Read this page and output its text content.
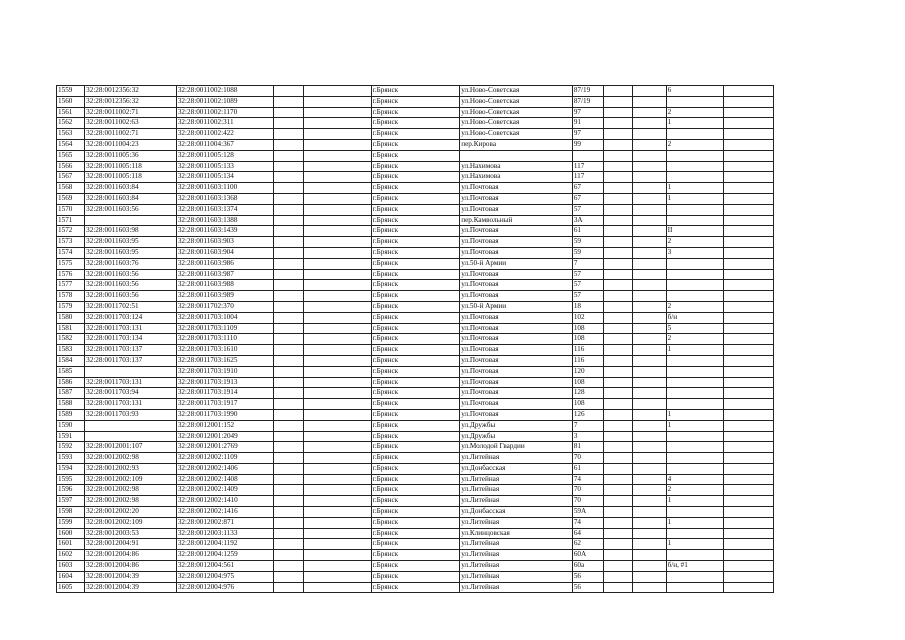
1559	32:28:0012356:32	32:28:0011002:1088			г.Брянск	ул.Ново-Советская	87/19			6	
1560	32:28:0012356:32	32:28:0011002:1089			г.Брянск	ул.Ново-Советская	87/19				
1561	32:28:0011002:71	32:28:0011002:1170			г.Брянск	ул.Ново-Советская	97			2	
1562	32:28:0011002:63	32:28:0011002:311			г.Брянск	ул.Ново-Советская	91			1	
1563	32:28:0011002:71	32:28:0011002:422			г.Брянск	ул.Ново-Советская	97				
1564	32:28:0011004:23	32:28:0011004:367			г.Брянск	пер.Кирова	99			2	
1565	32:28:0011005:36	32:28:0011005:128			г.Брянск						
1566	32:28:0011005:118	32:28:0011005:133			г.Брянск	ул.Нахимова	117				
1567	32:28:0011005:118	32:28:0011005:134			г.Брянск	ул.Нахимова	117				
1568	32:28:0011603:84	32:28:0011603:1100			г.Брянск	ул.Почтовая	67			1	
1569	32:28:0011603:84	32:28:0011603:1368			г.Брянск	ул.Почтовая	67			1	
1570	32:28:0011603:56	32:28:0011603:1374			г.Брянск	ул.Почтовая	57				
1571		32:28:0011603:1388			г.Брянск	пер.Камвольный	3А				
1572	32:28:0011603:98	32:28:0011603:1439			г.Брянск	ул.Почтовая	61			II	
1573	32:28:0011603:95	32:28:0011603:903			г.Брянск	ул.Почтовая	59			2	
1574	32:28:0011603:95	32:28:0011603:904			г.Брянск	ул.Почтовая	59			3	
1575	32:28:0011603:76	32:28:0011603:986			г.Брянск	ул.50-й Армии	7				
1576	32:28:0011603:56	32:28:0011603:987			г.Брянск	ул.Почтовая	57				
1577	32:28:0011603:56	32:28:0011603:988			г.Брянск	ул.Почтовая	57				
1578	32:28:0011603:56	32:28:0011603:989			г.Брянск	ул.Почтовая	57				
1579	32:28:0011702:51	32:28:0011702:370			г.Брянск	ул.50-й Армии	18			2	
1580	32:28:0011703:124	32:28:0011703:1004			г.Брянск	ул.Почтовая	102			б/н	
1581	32:28:0011703:131	32:28:0011703:1109			г.Брянск	ул.Почтовая	108			5	
1582	32:28:0011703:134	32:28:0011703:1110			г.Брянск	ул.Почтовая	108			2	
1583	32:28:0011703:137	32:28:0011703:1610			г.Брянск	ул.Почтовая	116			1	
1584	32:28:0011703:137	32:28:0011703:1625			г.Брянск	ул.Почтовая	116				
1585		32:28:0011703:1910			г.Брянск	ул.Почтовая	120				
1586	32:28:0011703:131	32:28:0011703:1913			г.Брянск	ул.Почтовая	108				
1587	32:28:0011703:94	32:28:0011703:1914			г.Брянск	ул.Почтовая	128				
1588	32:28:0011703:131	32:28:0011703:1917			г.Брянск	ул.Почтовая	108				
1589	32:28:0011703:93	32:28:0011703:1990			г.Брянск	ул.Почтовая	126			1	
1590		32:28:0012001:152			г.Брянск	ул.Дружбы	7			1	
1591		32:28:0012001:2049			г.Брянск	ул.Дружбы	3				
1592	32:28:0012001:107	32:28:0012001:2769			г.Брянск	ул.Молодой Гвардии	81				
1593	32:28:0012002:98	32:28:0012002:1109			г.Брянск	ул.Литейная	70				
1594	32:28:0012002:93	32:28:0012002:1406			г.Брянск	ул.Донбасская	61				
1595	32:28:0012002:109	32:28:0012002:1408			г.Брянск	ул.Литейная	74			4	
1596	32:28:0012002:98	32:28:0012002:1409			г.Брянск	ул.Литейная	70			2	
1597	32:28:0012002:98	32:28:0012002:1410			г.Брянск	ул.Литейная	70			1	
1598	32:28:0012002:20	32:28:0012002:1416			г.Брянск	ул.Донбасская	59А				
1599	32:28:0012002:109	32:28:0012002:871			г.Брянск	ул.Литейная	74			1	
1600	32:28:0012003:53	32:28:0012003:1133			г.Брянск	ул.Клинцовская	64				
1601	32:28:0012004:91	32:28:0012004:1192			г.Брянск	ул.Литейная	62			1	
1602	32:28:0012004:86	32:28:0012004:1259			г.Брянск	ул.Литейная	60А				
1603	32:28:0012004:86	32:28:0012004:561			г.Брянск	ул.Литейная	60а			б/н, #1	
1604	32:28:0012004:39	32:28:0012004:975			г.Брянск	ул.Литейная	56				
1605	32:28:0012004:39	32:28:0012004:976			г.Брянск	ул.Литейная	56				
